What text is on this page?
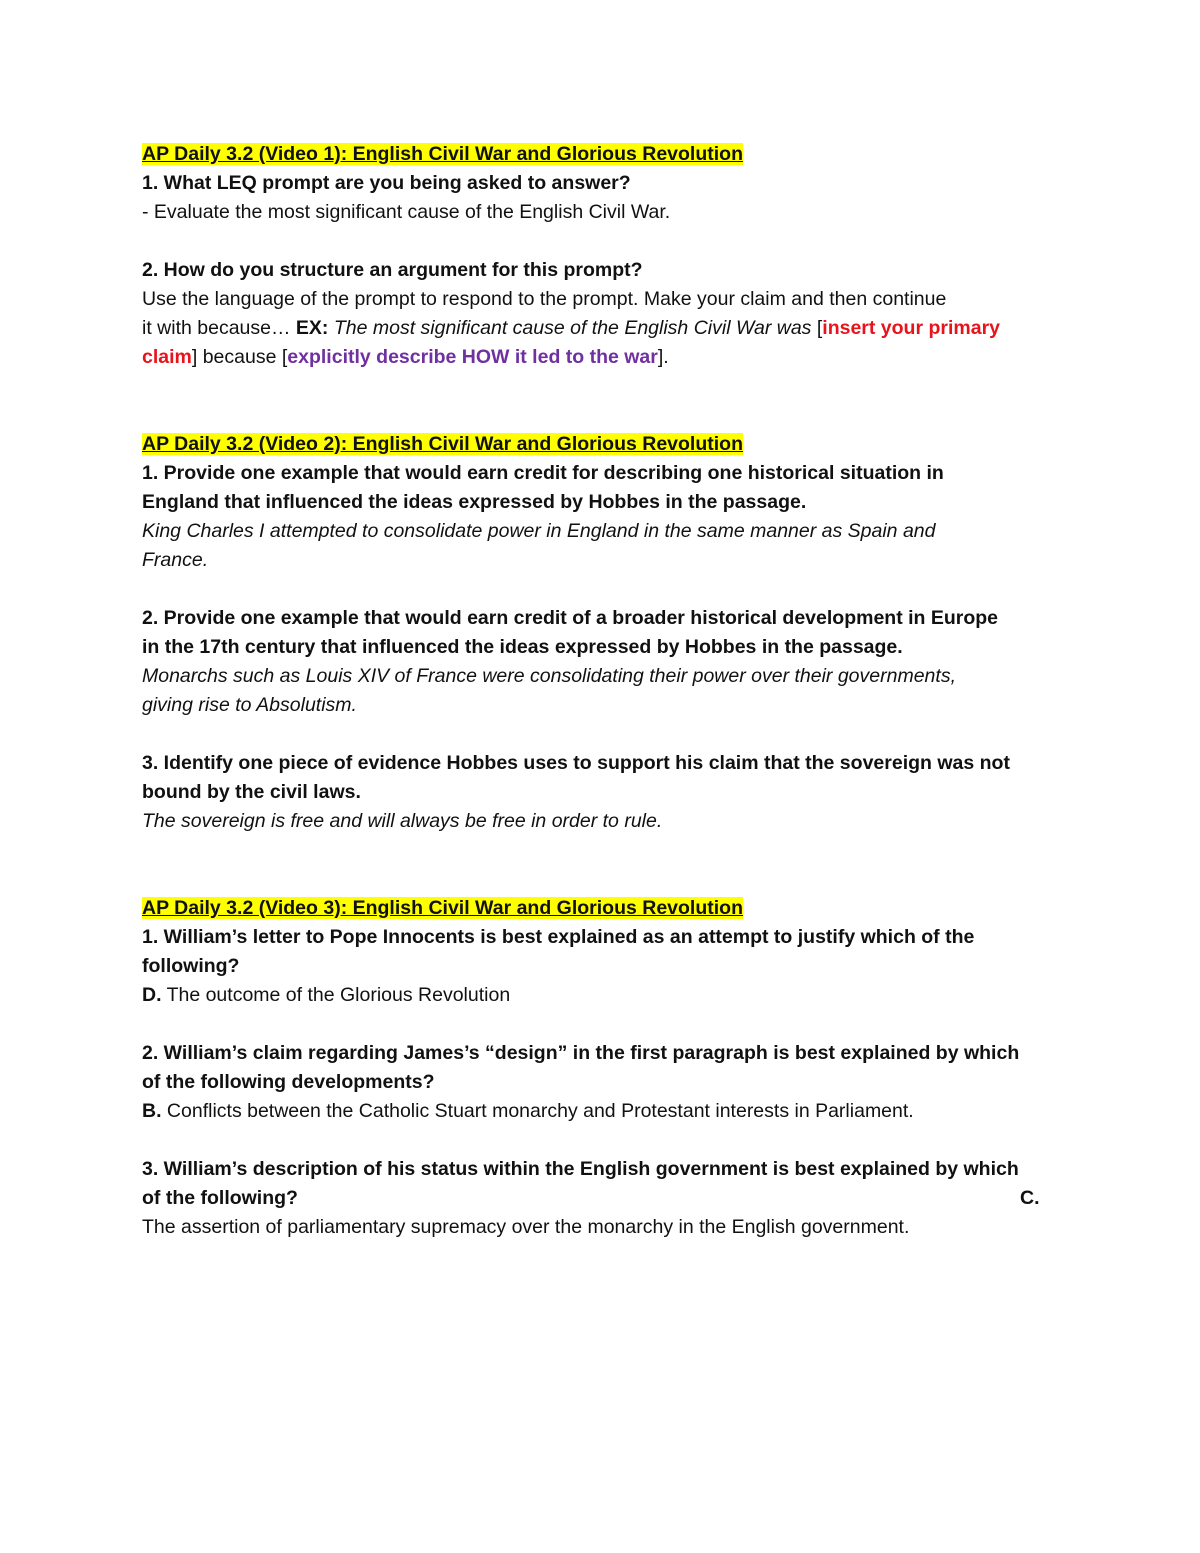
AP Daily 3.2 (Video 1): English Civil War and Glorious Revolution
1. What LEQ prompt are you being asked to answer?
- Evaluate the most significant cause of the English Civil War.
2. How do you structure an argument for this prompt?
Use the language of the prompt to respond to the prompt. Make your claim and then continue
it with because… EX: The most significant cause of the English Civil War was [insert your primary
claim] because [explicitly describe HOW it led to the war].
AP Daily 3.2 (Video 2): English Civil War and Glorious Revolution
1. Provide one example that would earn credit for describing one historical situation in
England that influenced the ideas expressed by Hobbes in the passage.
King Charles I attempted to consolidate power in England in the same manner as Spain and
France.
2. Provide one example that would earn credit of a broader historical development in Europe
in the 17th century that influenced the ideas expressed by Hobbes in the passage.
Monarchs such as Louis XIV of France were consolidating their power over their governments,
giving rise to Absolutism.
3. Identify one piece of evidence Hobbes uses to support his claim that the sovereign was not
bound by the civil laws.
The sovereign is free and will always be free in order to rule.
AP Daily 3.2 (Video 3): English Civil War and Glorious Revolution
1. William’s letter to Pope Innocents is best explained as an attempt to justify which of the
following?
D. The outcome of the Glorious Revolution
2. William’s claim regarding James’s “design” in the first paragraph is best explained by which
of the following developments?
B. Conflicts between the Catholic Stuart monarchy and Protestant interests in Parliament.
3. William’s description of his status within the English government is best explained by which
of the following?	C.
The assertion of parliamentary supremacy over the monarchy in the English government.
